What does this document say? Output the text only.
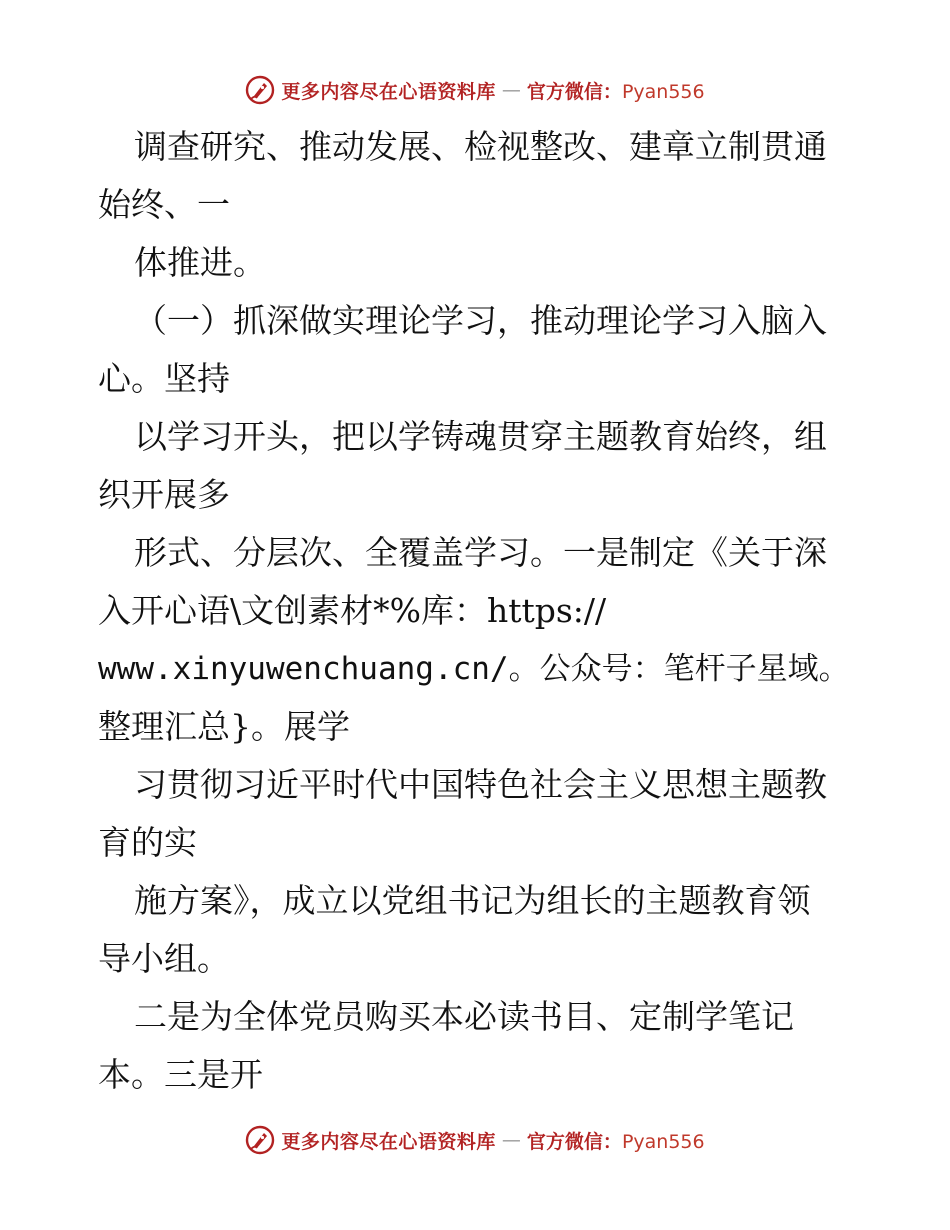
更多内容尽在心语资料库 — 官方微信：Pyan556
调查研究、推动发展、检视整改、建章立制贯通
始终、一
体推进。
（一）抓深做实理论学习，推动理论学习入脑入
心。坚持
以学习开头，把以学铸魂贯穿主题教育始终，组
织开展多
形式、分层次、全覆盖学习。一是制定《关于深
入开心语\文创素材*%库：https://
www.xinyuwenchuang.cn/。公众号：笔杆子星域。
整理汇总}。展学
习贯彻习近平时代中国特色社会主义思想主题教
育的实
施方案》，成立以党组书记为组长的主题教育领
导小组。
二是为全体党员购买本必读书目、定制学笔记
本。三是开
更多内容尽在心语资料库 — 官方微信：Pyan556
